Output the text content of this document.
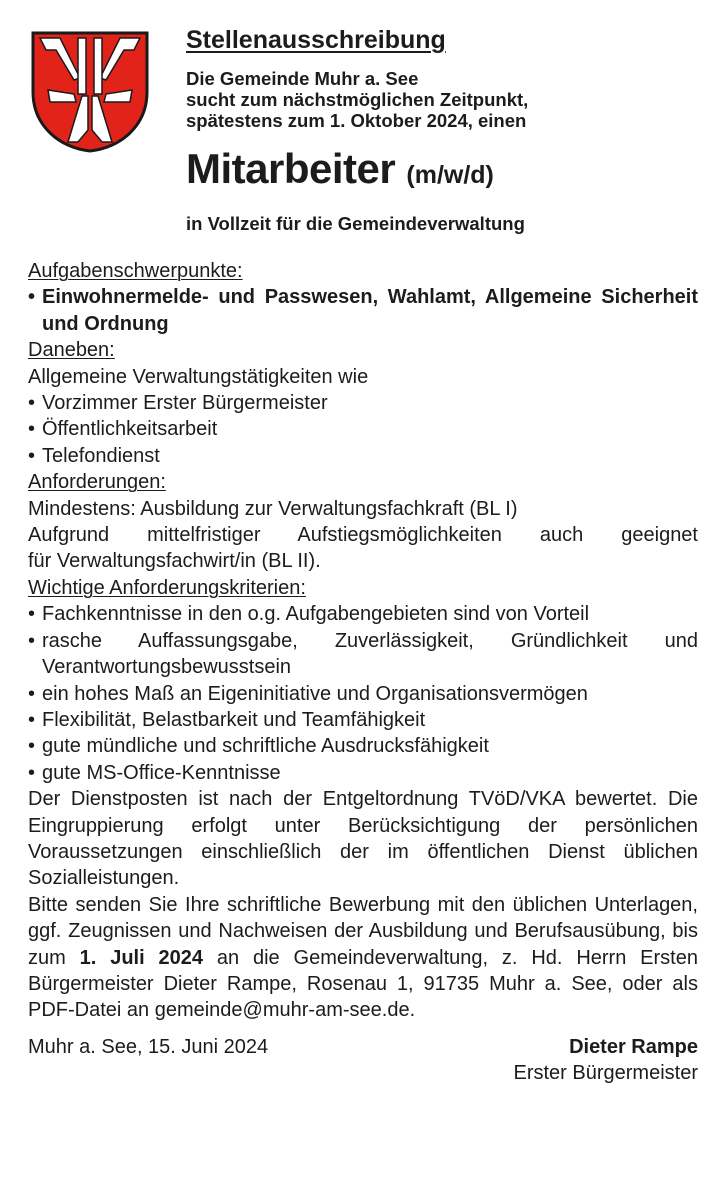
Stellenausschreibung
Die Gemeinde Muhr a. See
sucht zum nächstmöglichen Zeitpunkt,
spätestens zum 1. Oktober 2024, einen
Mitarbeiter (m/w/d)
in Vollzeit für die Gemeindeverwaltung

Aufgabenschwerpunkte:

• Einwohnermelde- und Passwesen, Wahlamt, Allgemeine Sicherheit und Ordnung

Daneben:

Allgemeine Verwaltungstätigkeiten wie

• Vorzimmer Erster Bürgermeister
• Öffentlichkeitsarbeit
• Telefondienst

Anforderungen:

Mindestens: Ausbildung zur Verwaltungsfachkraft (BL I)

Aufgrund mittelfristiger Aufstiegsmöglichkeiten auch geeignet

für Verwaltungsfachwirt/in (BL II).

Wichtige Anforderungskriterien:

• Fachkenntnisse in den o.g. Aufgabengebieten sind von Vorteil
• rasche Auffassungsgabe, Zuverlässigkeit, Gründlichkeit und Verantwortungsbewusstsein
• ein hohes Maß an Eigeninitiative und Organisationsvermögen
• Flexibilität, Belastbarkeit und Teamfähigkeit
• gute mündliche und schriftliche Ausdrucksfähigkeit
• gute MS-Office-Kenntnisse

Der Dienstposten ist nach der Entgeltordnung TVöD/VKA bewertet. Die Eingruppierung erfolgt unter Berücksichtigung der persönlichen Voraussetzungen einschließlich der im öffentlichen Dienst üblichen Sozialleistungen.

Bitte senden Sie Ihre schriftliche Bewerbung mit den üblichen Unterlagen, ggf. Zeugnissen und Nachweisen der Ausbildung und Berufsausübung, bis zum 1. Juli 2024 an die Gemeindeverwaltung, z. Hd. Herrn Ersten Bürgermeister Dieter Rampe, Rosenau 1, 91735 Muhr a. See, oder als PDF-Datei an gemeinde@muhr-am-see.de.

Muhr a. See, 15. Juni 2024	Dieter Rampe
Erster Bürgermeister
